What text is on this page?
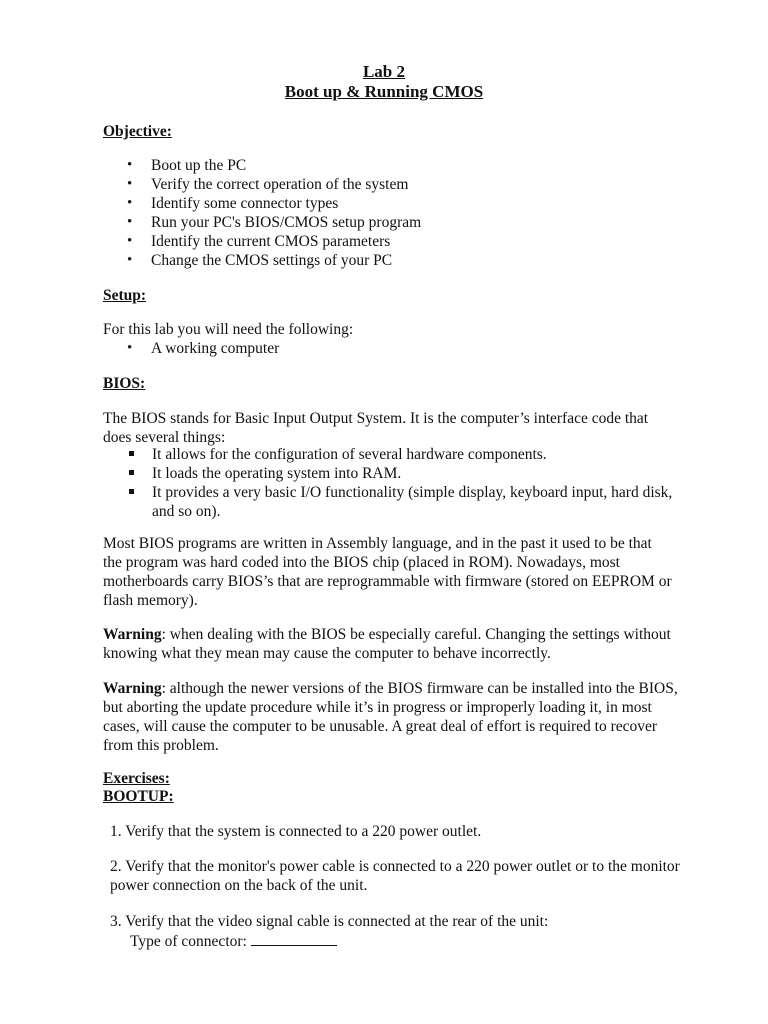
Lab 2
Boot up & Running CMOS
Objective:
• Boot up the PC
• Verify the correct operation of the system
• Identify some connector types
• Run your PC's BIOS/CMOS setup program
• Identify the current CMOS parameters
• Change the CMOS settings of your PC
Setup:

For this lab you will need the following:

• A working computer
BIOS:

The BIOS stands for Basic Input Output System. It is the computer’s interface code that does several things:

It allows for the configuration of several hardware components.
It loads the operating system into RAM.
It provides a very basic I/O functionality (simple display, keyboard input, hard disk, and so on).

Most BIOS programs are written in Assembly language, and in the past it used to be that the program was hard coded into the BIOS chip (placed in ROM). Nowadays, most motherboards carry BIOS’s that are reprogrammable with firmware (stored on EEPROM or flash memory).

Warning: when dealing with the BIOS be especially careful. Changing the settings without knowing what they mean may cause the computer to behave incorrectly.

Warning: although the newer versions of the BIOS firmware can be installed into the BIOS, but aborting the update procedure while it’s in progress or improperly loading it, in most cases, will cause the computer to be unusable. A great deal of effort is required to recover from this problem.

Exercises:
BOOTUP:

1. Verify that the system is connected to a 220 power outlet.

2. Verify that the monitor's power cable is connected to a 220 power outlet or to the monitor power connection on the back of the unit.

3. Verify that the video signal cable is connected at the rear of the unit:

Type of connector:
